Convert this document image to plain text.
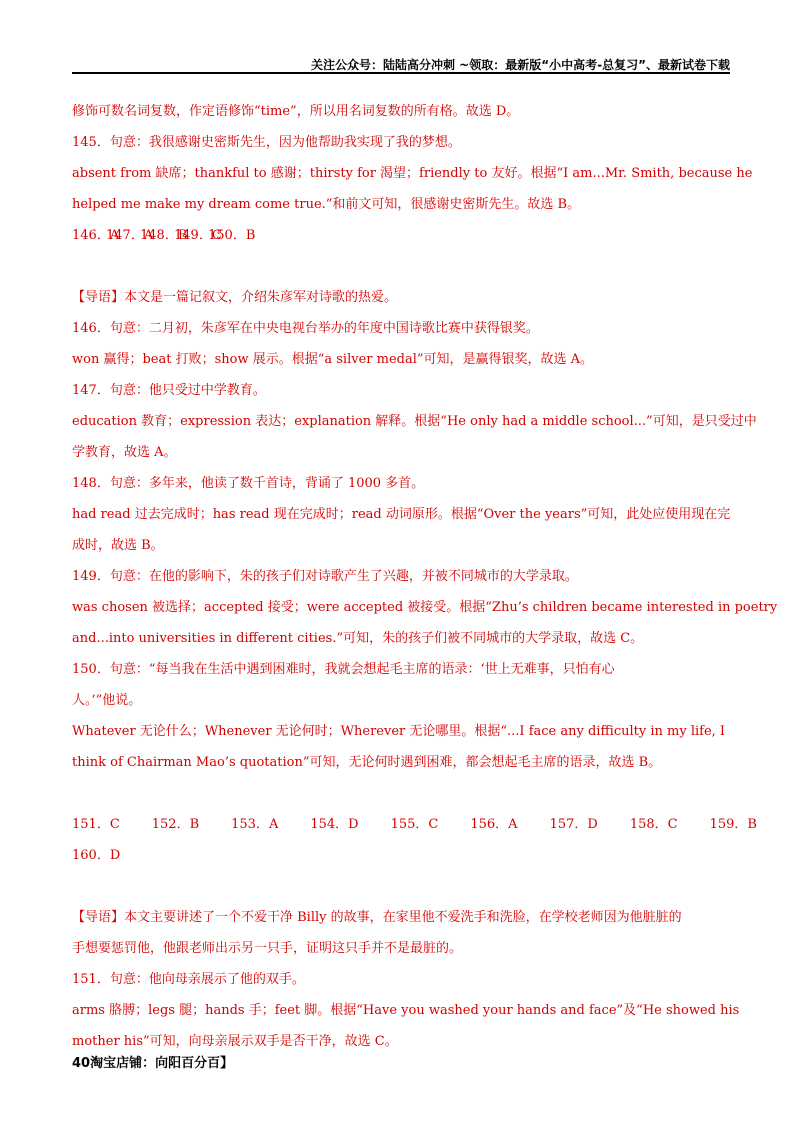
关注公众号：陆陆高分冲刺 ~领取：最新版“小中高考-总复习”、最新试卷下载

修饰可数名词复数，作定语修饰“time”，所以用名词复数的所有格。故选 D。

145．句意：我很感谢史密斯先生，因为他帮助我实现了我的梦想。

absent from 缺席；thankful to 感谢；thirsty for 渴望；friendly to 友好。根据“I am...Mr. Smith, because he

helped me make my dream come true.”和前文可知，很感谢史密斯先生。故选 B。

146．A147．A148．B149．C150．B

【导语】本文是一篇记叙文，介绍朱彦军对诗歌的热爱。

146．句意：二月初，朱彦军在中央电视台举办的年度中国诗歌比赛中获得银奖。

won 赢得；beat 打败；show 展示。根据“a silver medal”可知，是赢得银奖，故选 A。

147．句意：他只受过中学教育。

education 教育；expression 表达；explanation 解释。根据“He only had a middle school...”可知，是只受过中

学教育，故选 A。

148．句意：多年来，他读了数千首诗，背诵了 1000 多首。

had read 过去完成时；has read 现在完成时；read 动词原形。根据“Over the years”可知，此处应使用现在完

成时，故选 B。

149．句意：在他的影响下，朱的孩子们对诗歌产生了兴趣，并被不同城市的大学录取。

was chosen 被选择；accepted 接受；were accepted 被接受。根据“Zhu’s children became interested in poetry

and...into universities in different cities.”可知，朱的孩子们被不同城市的大学录取，故选 C。

150．句意：“每当我在生活中遇到困难时，我就会想起毛主席的语录：‘世上无难事，只怕有心

人。’”他说。

Whatever 无论什么；Whenever 无论何时；Wherever 无论哪里。根据“...I face any difficulty in my life, I

think of Chairman Mao’s quotation”可知，无论何时遇到困难，都会想起毛主席的语录，故选 B。

151．C 152．B 153．A 154．D 155．C 156．A 157．D 158．C 159．B

160．D

【导语】本文主要讲述了一个不爱干净 Billy 的故事，在家里他不爱洗手和洗脸，在学校老师因为他脏脏的

手想要惩罚他，他跟老师出示另一只手，证明这只手并不是最脏的。

151．句意：他向母亲展示了他的双手。

arms 胳膊；legs 腿；hands 手；feet 脚。根据“Have you washed your hands and face”及“He showed his

mother his”可知，向母亲展示双手是否干净，故选 C。

40淘宝店铺：向阳百分百】
